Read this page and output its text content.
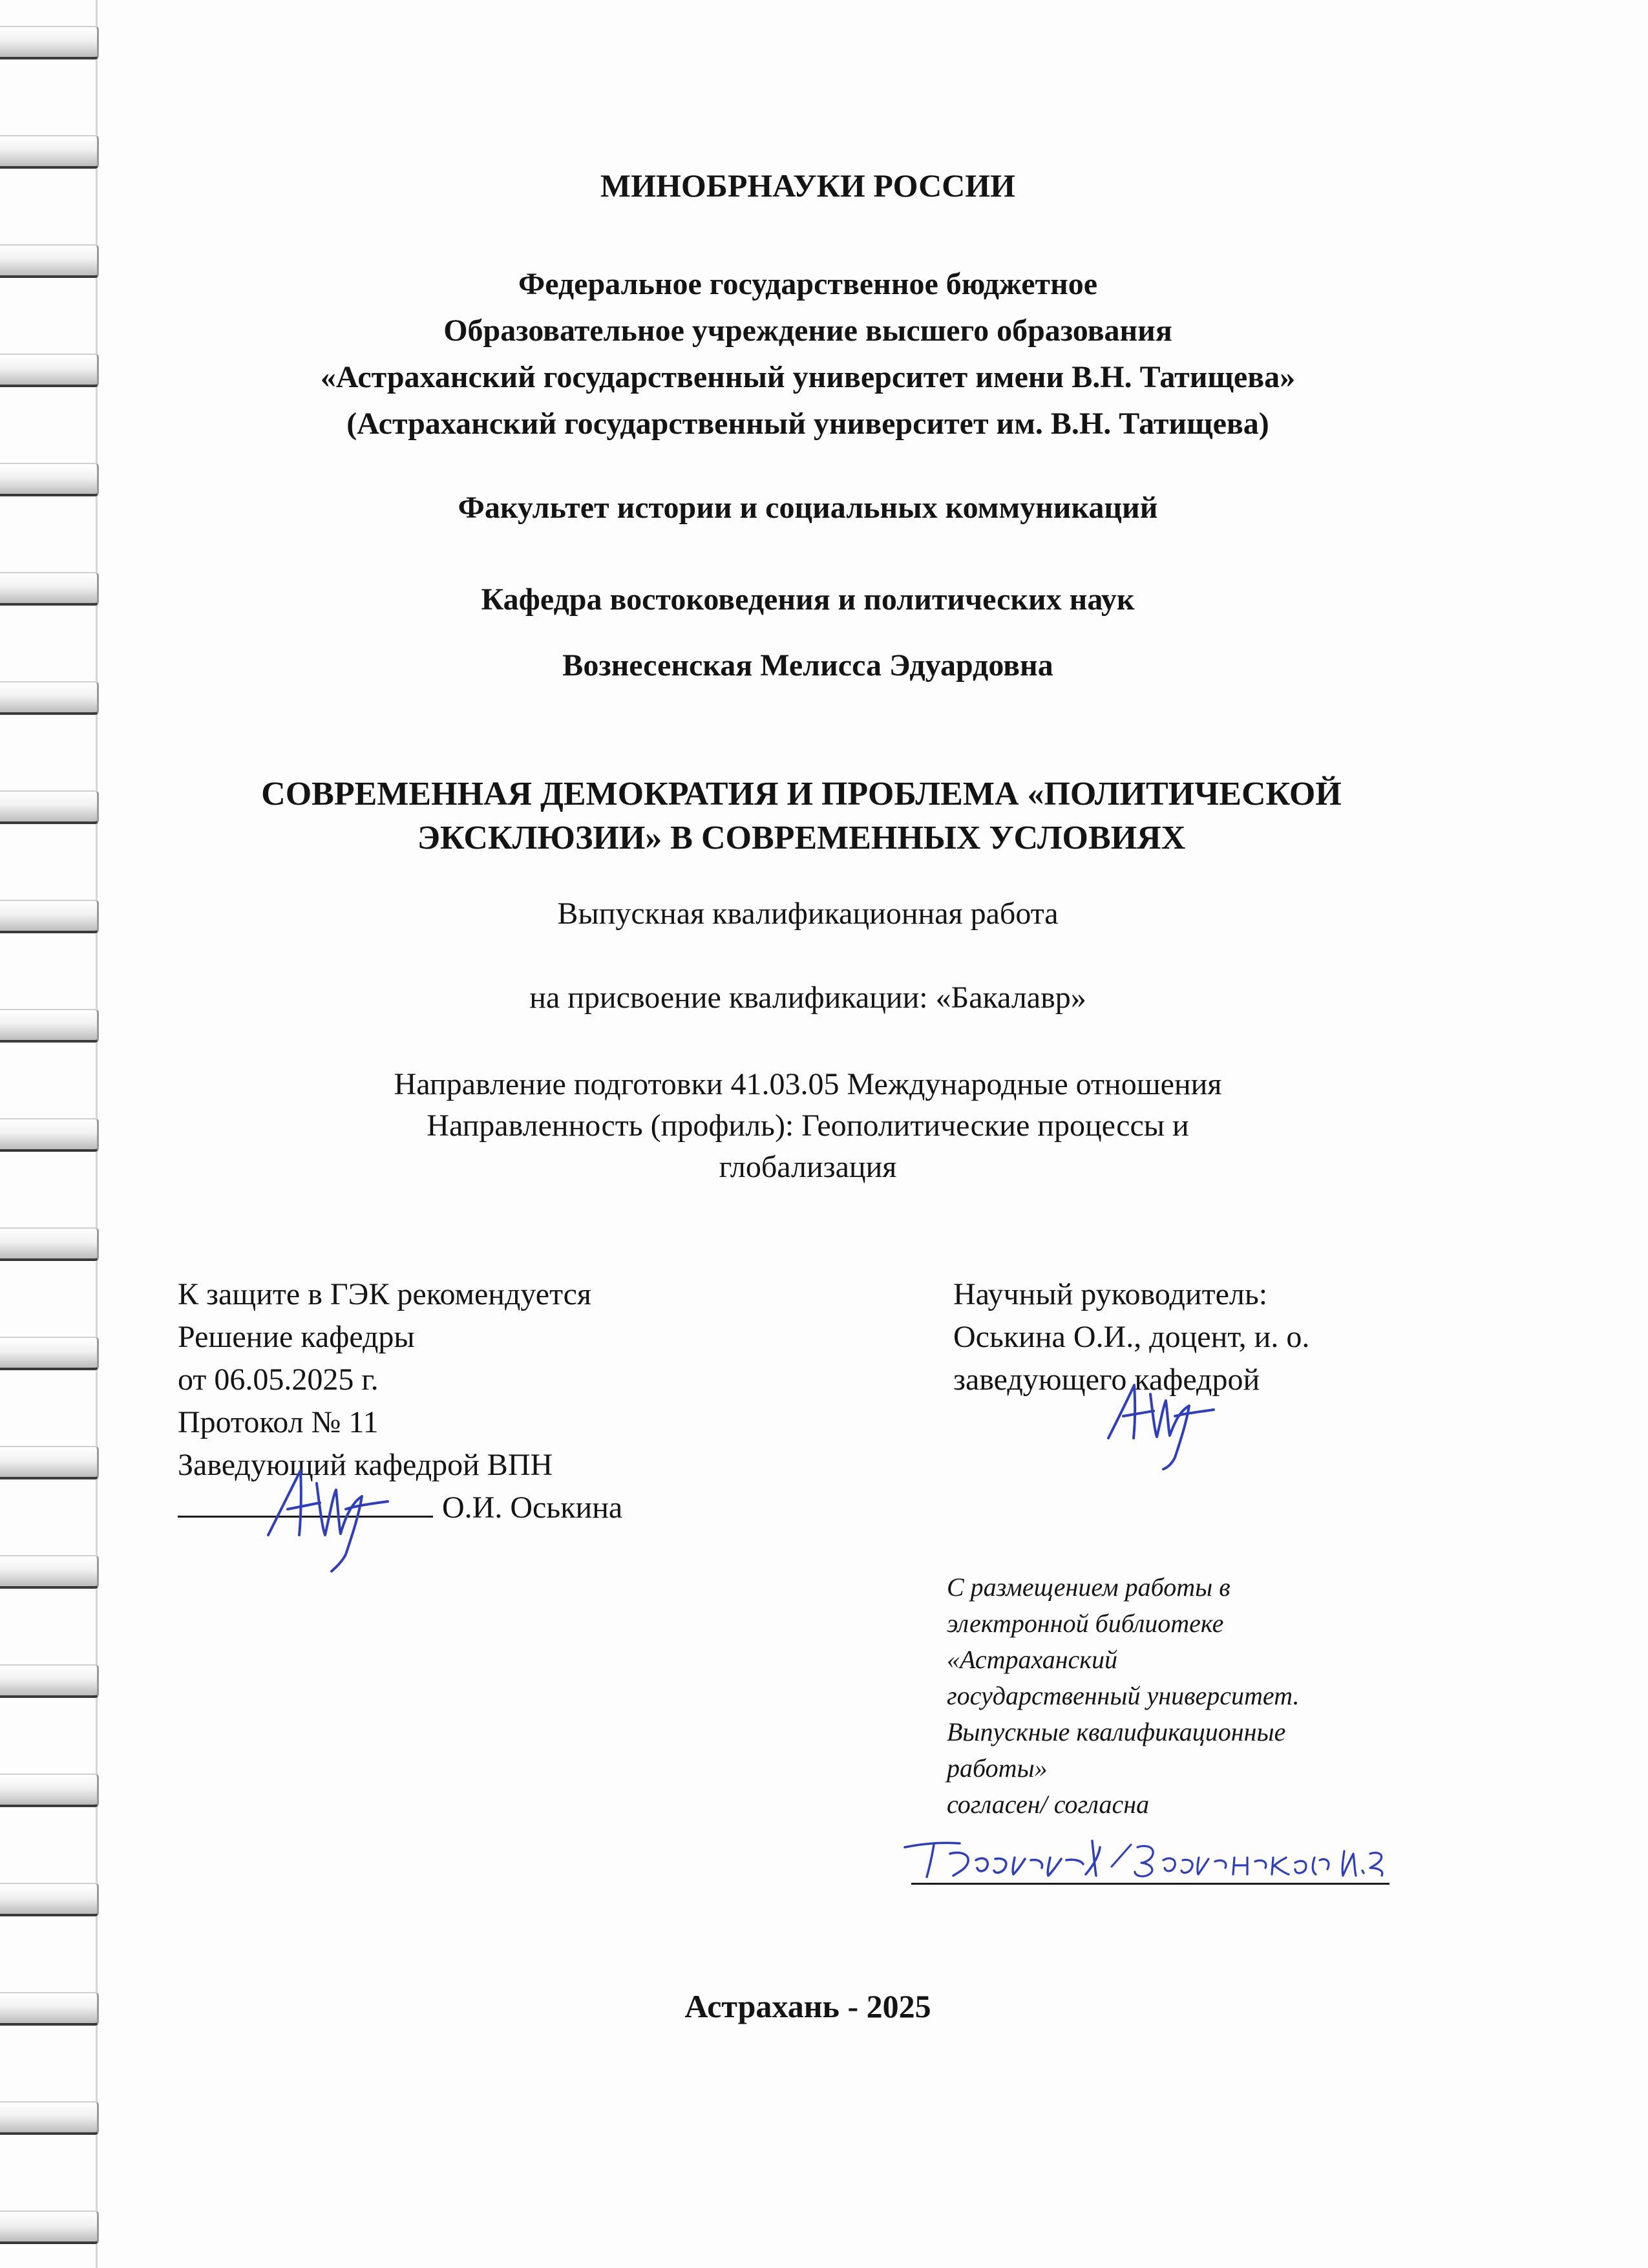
МИНОБРНАУКИ РОССИИ
Федеральное государственное бюджетное
Образовательное учреждение высшего образования
«Астраханский государственный университет имени В.Н. Татищева»
(Астраханский государственный университет им. В.Н. Татищева)
Факультет истории и социальных коммуникаций
Кафедра востоковедения и политических наук
Вознесенская Мелисса Эдуардовна
СОВРЕМЕННАЯ ДЕМОКРАТИЯ И ПРОБЛЕМА «ПОЛИТИЧЕСКОЙ
ЭКСКЛЮЗИИ» В СОВРЕМЕННЫХ УСЛОВИЯХ
Выпускная квалификационная работа
на присвоение квалификации: «Бакалавр»
Направление подготовки 41.03.05 Международные отношения
Направленность (профиль): Геополитические процессы и
глобализация
К защите в ГЭК рекомендуется
Решение кафедры
от 06.05.2025 г.
Протокол № 11
Заведующий кафедрой ВПН
О.И. Оськина
Научный руководитель:
Оськина О.И., доцент, и. о.
заведующего кафедрой
С размещением работы в
электронной библиотеке
«Астраханский
государственный университет.
Выпускные квалификационные
работы»
согласен/ согласна
Астрахань - 2025
